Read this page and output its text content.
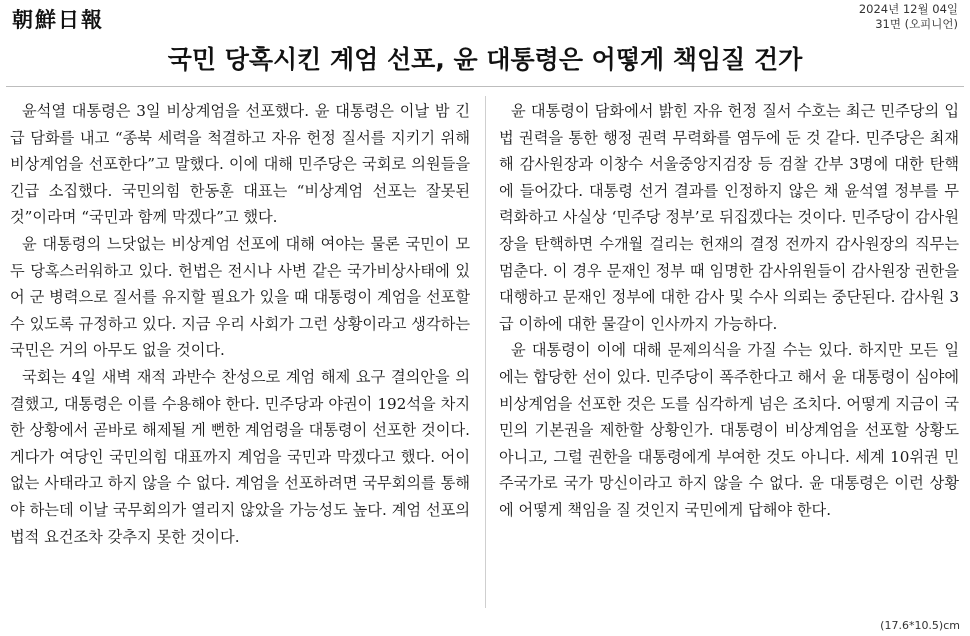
朝鮮日報	2024년 12월 04일
31면 (오피니언)
국민 당혹시킨 계엄 선포, 윤 대통령은 어떻게 책임질 건가

윤석열 대통령은 3일 비상계엄을 선포했다. 윤 대통령은 이날 밤 긴급 담화를 내고 “종북 세력을 척결하고 자유 헌정 질서를 지키기 위해 비상계엄을 선포한다”고 말했다. 이에 대해 민주당은 국회로 의원들을 긴급 소집했다. 국민의힘 한동훈 대표는 “비상계엄 선포는 잘못된 것”이라며 “국민과 함께 막겠다”고 했다.

윤 대통령의 느닷없는 비상계엄 선포에 대해 여야는 물론 국민이 모두 당혹스러워하고 있다. 헌법은 전시나 사변 같은 국가비상사태에 있어 군 병력으로 질서를 유지할 필요가 있을 때 대통령이 계엄을 선포할 수 있도록 규정하고 있다. 지금 우리 사회가 그런 상황이라고 생각하는 국민은 거의 아무도 없을 것이다.

국회는 4일 새벽 재적 과반수 찬성으로 계엄 해제 요구 결의안을 의결했고, 대통령은 이를 수용해야 한다. 민주당과 야권이 192석을 차지한 상황에서 곧바로 해제될 게 뻔한 계엄령을 대통령이 선포한 것이다. 게다가 여당인 국민의힘 대표까지 계엄을 국민과 막겠다고 했다. 어이없는 사태라고 하지 않을 수 없다. 계엄을 선포하려면 국무회의를 통해야 하는데 이날 국무회의가 열리지 않았을 가능성도 높다. 계엄 선포의 법적 요건조차 갖추지 못한 것이다.

윤 대통령이 담화에서 밝힌 자유 헌정 질서 수호는 최근 민주당의 입법 권력을 통한 행정 권력 무력화를 염두에 둔 것 같다. 민주당은 최재해 감사원장과 이창수 서울중앙지검장 등 검찰 간부 3명에 대한 탄핵에 들어갔다. 대통령 선거 결과를 인정하지 않은 채 윤석열 정부를 무력화하고 사실상 ‘민주당 정부’로 뒤집겠다는 것이다. 민주당이 감사원장을 탄핵하면 수개월 걸리는 헌재의 결정 전까지 감사원장의 직무는 멈춘다. 이 경우 문재인 정부 때 임명한 감사위원들이 감사원장 권한을 대행하고 문재인 정부에 대한 감사 및 수사 의뢰는 중단된다. 감사원 3급 이하에 대한 물갈이 인사까지 가능하다.

윤 대통령이 이에 대해 문제의식을 가질 수는 있다. 하지만 모든 일에는 합당한 선이 있다. 민주당이 폭주한다고 해서 윤 대통령이 심야에 비상계엄을 선포한 것은 도를 심각하게 넘은 조치다. 어떻게 지금이 국민의 기본권을 제한할 상황인가. 대통령이 비상계엄을 선포할 상황도 아니고, 그럴 권한을 대통령에게 부여한 것도 아니다. 세계 10위권 민주국가로 국가 망신이라고 하지 않을 수 없다. 윤 대통령은 이런 상황에 어떻게 책임을 질 것인지 국민에게 답해야 한다.

(17.6*10.5)cm
